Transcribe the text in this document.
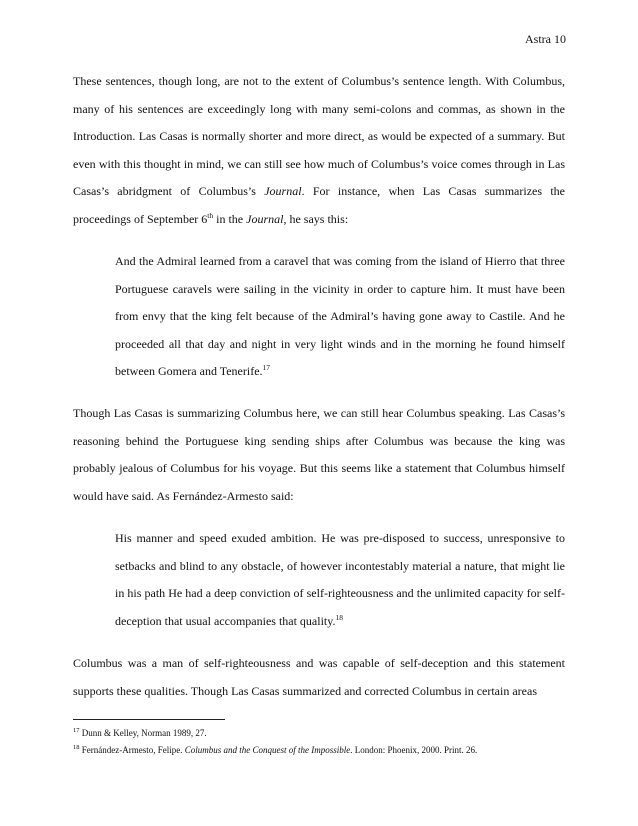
Astra 10

These sentences, though long, are not to the extent of Columbus’s sentence length. With Columbus, many of his sentences are exceedingly long with many semi-colons and commas, as shown in the Introduction. Las Casas is normally shorter and more direct, as would be expected of a summary. But even with this thought in mind, we can still see how much of Columbus’s voice comes through in Las Casas’s abridgment of Columbus’s Journal. For instance, when Las Casas summarizes the proceedings of September 6th in the Journal, he says this:

And the Admiral learned from a caravel that was coming from the island of Hierro that three Portuguese caravels were sailing in the vicinity in order to capture him. It must have been from envy that the king felt because of the Admiral’s having gone away to Castile. And he proceeded all that day and night in very light winds and in the morning he found himself between Gomera and Tenerife.$^{17}$

Though Las Casas is summarizing Columbus here, we can still hear Columbus speaking. Las Casas’s reasoning behind the Portuguese king sending ships after Columbus was because the king was probably jealous of Columbus for his voyage. But this seems like a statement that Columbus himself would have said. As Fernández-Armesto said:

His manner and speed exuded ambition. He was pre-disposed to success, unresponsive to setbacks and blind to any obstacle, of however incontestably material a nature, that might lie in his path He had a deep conviction of self-righteousness and the unlimited capacity for self-deception that usual accompanies that quality.$^{18}$

Columbus was a man of self-righteousness and was capable of self-deception and this statement supports these qualities. Though Las Casas summarized and corrected Columbus in certain areas

$^{17}$ Dunn & Kelley, Norman 1989, 27.
$^{18}$ Fernández-Armesto, Felipe. Columbus and the Conquest of the Impossible. London: Phoenix, 2000. Print. 26.
